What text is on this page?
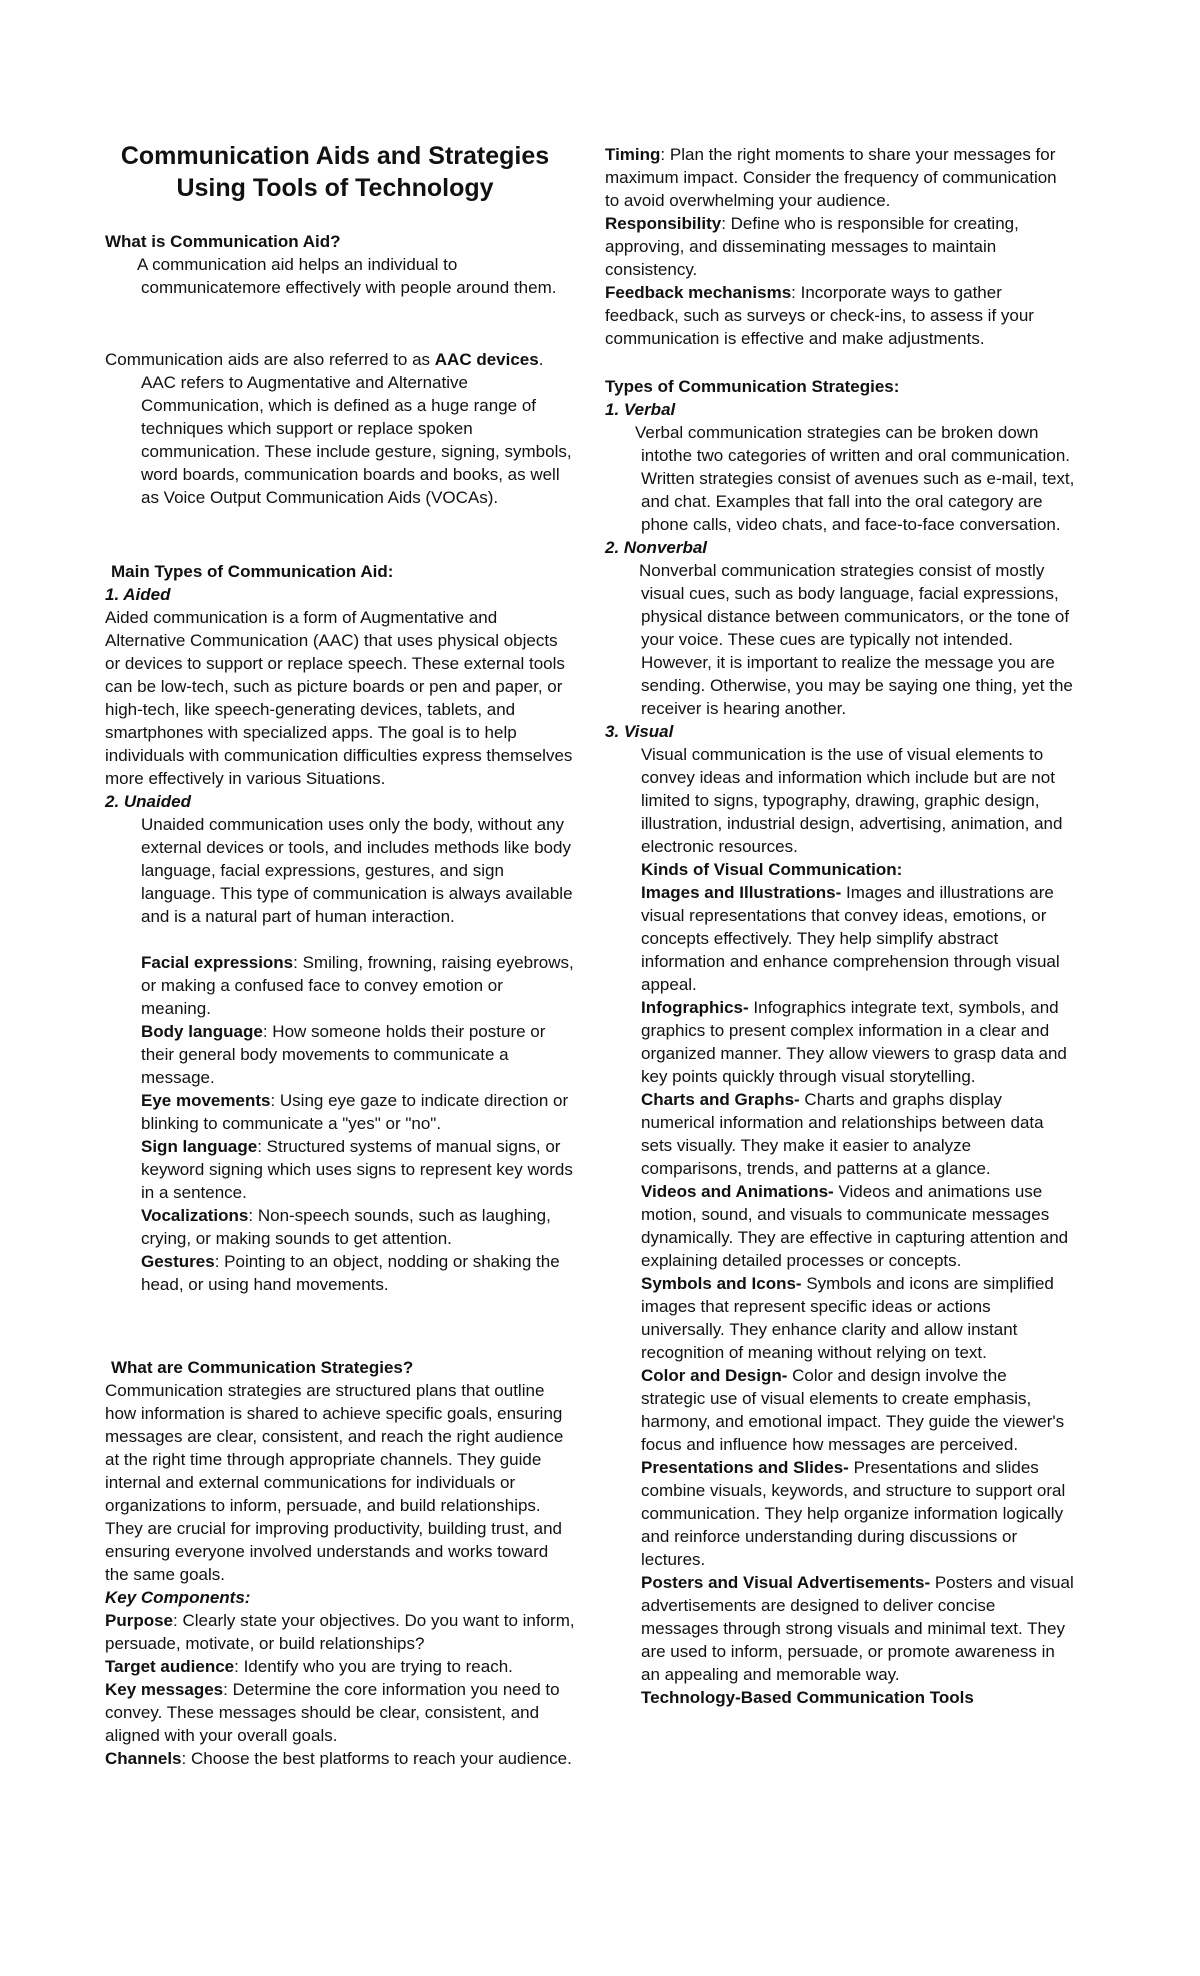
Communication Aids and Strategies
Using Tools of Technology

What is Communication Aid?

A communication aid helps an individual to communicatemore effectively with people around them.

Communication aids are also referred to as AAC devices.

AAC refers to Augmentative and Alternative Communication, which is defined as a huge range of techniques which support or replace spoken communication. These include gesture, signing, symbols, word boards, communication boards and books, as well as Voice Output Communication Aids (VOCAs).

Main Types of Communication Aid:

1. Aided

Aided communication is a form of Augmentative and Alternative Communication (AAC) that uses physical objects or devices to support or replace speech. These external tools can be low-tech, such as picture boards or pen and paper, or high-tech, like speech-generating devices, tablets, and smartphones with specialized apps. The goal is to help individuals with communication difficulties express themselves more effectively in various Situations.

2. Unaided

Unaided communication uses only the body, without any external devices or tools, and includes methods like body language, facial expressions, gestures, and sign language. This type of communication is always available and is a natural part of human interaction.

Facial expressions: Smiling, frowning, raising eyebrows, or making a confused face to convey emotion or meaning.

Body language: How someone holds their posture or their general body movements to communicate a message.

Eye movements: Using eye gaze to indicate direction or blinking to communicate a "yes" or "no".

Sign language: Structured systems of manual signs, or keyword signing which uses signs to represent key words in a sentence.

Vocalizations: Non-speech sounds, such as laughing, crying, or making sounds to get attention.

Gestures: Pointing to an object, nodding or shaking the head, or using hand movements.

What are Communication Strategies?

Communication strategies are structured plans that outline how information is shared to achieve specific goals, ensuring messages are clear, consistent, and reach the right audience at the right time through appropriate channels. They guide internal and external communications for individuals or organizations to inform, persuade, and build relationships.

They are crucial for improving productivity, building trust, and ensuring everyone involved understands and works toward the same goals.

Key Components:

Purpose: Clearly state your objectives. Do you want to inform, persuade, motivate, or build relationships?

Target audience: Identify who you are trying to reach.

Key messages: Determine the core information you need to convey. These messages should be clear, consistent, and aligned with your overall goals.

Channels: Choose the best platforms to reach your audience.

Timing: Plan the right moments to share your messages for maximum impact. Consider the frequency of communication to avoid overwhelming your audience.

Responsibility: Define who is responsible for creating, approving, and disseminating messages to maintain consistency.

Feedback mechanisms: Incorporate ways to gather feedback, such as surveys or check-ins, to assess if your communication is effective and make adjustments.

Types of Communication Strategies:

1. Verbal

Verbal communication strategies can be broken down intothe two categories of written and oral communication. Written strategies consist of avenues such as e-mail, text, and chat. Examples that fall into the oral category are phone calls, video chats, and face-to-face conversation.

2. Nonverbal

Nonverbal communication strategies consist of mostly visual cues, such as body language, facial expressions, physical distance between communicators, or the tone of your voice. These cues are typically not intended. However, it is important to realize the message you are sending. Otherwise, you may be saying one thing, yet the receiver is hearing another.

3. Visual

Visual communication is the use of visual elements to convey ideas and information which include but are not limited to signs, typography, drawing, graphic design, illustration, industrial design, advertising, animation, and electronic resources.

Kinds of Visual Communication:

Images and Illustrations- Images and illustrations are visual representations that convey ideas, emotions, or concepts effectively. They help simplify abstract information and enhance comprehension through visual appeal.

Infographics- Infographics integrate text, symbols, and graphics to present complex information in a clear and organized manner. They allow viewers to grasp data and key points quickly through visual storytelling.

Charts and Graphs- Charts and graphs display numerical information and relationships between data sets visually. They make it easier to analyze comparisons, trends, and patterns at a glance.

Videos and Animations- Videos and animations use motion, sound, and visuals to communicate messages dynamically. They are effective in capturing attention and explaining detailed processes or concepts.

Symbols and Icons- Symbols and icons are simplified images that represent specific ideas or actions universally. They enhance clarity and allow instant recognition of meaning without relying on text.

Color and Design- Color and design involve the strategic use of visual elements to create emphasis, harmony, and emotional impact. They guide the viewer's focus and influence how messages are perceived.

Presentations and Slides- Presentations and slides combine visuals, keywords, and structure to support oral communication. They help organize information logically and reinforce understanding during discussions or lectures.

Posters and Visual Advertisements- Posters and visual advertisements are designed to deliver concise messages through strong visuals and minimal text. They are used to inform, persuade, or promote awareness in an appealing and memorable way.

Technology-Based Communication Tools
